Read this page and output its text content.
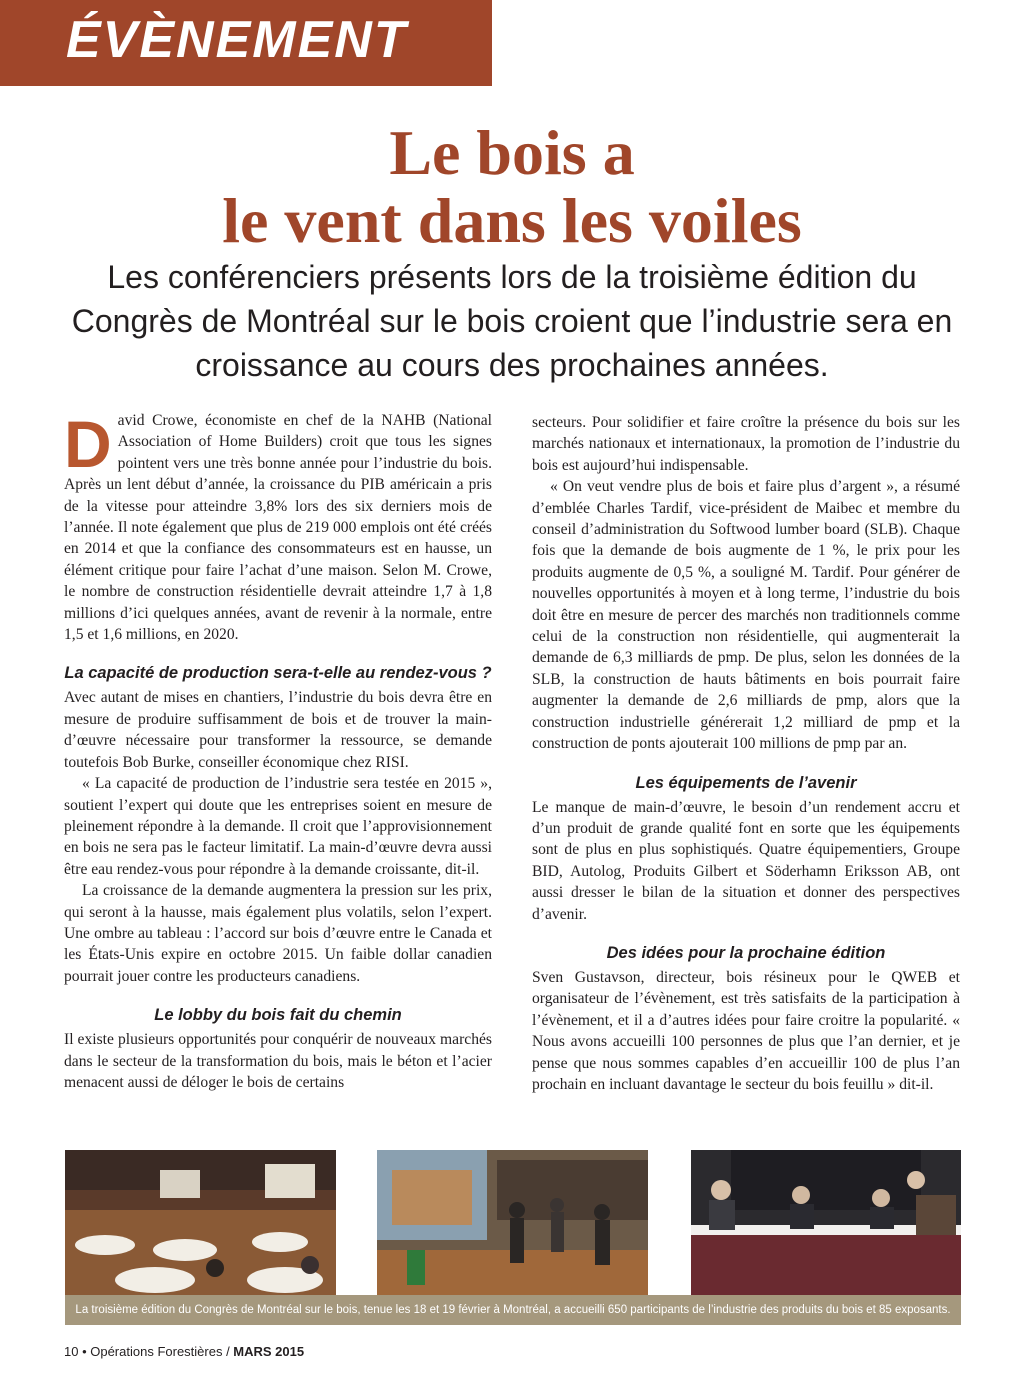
ÉVÈNEMENT
Le bois a
le vent dans les voiles
Les conférenciers présents lors de la troisième édition du Congrès de Montréal sur le bois croient que l’industrie sera en croissance au cours des prochaines années.

David Crowe, économiste en chef de la NAHB (National Association of Home Builders) croit que tous les signes pointent vers une très bonne année pour l’industrie du bois. Après un lent début d’année, la croissance du PIB américain a pris de la vitesse pour atteindre 3,8% lors des six derniers mois de l’année. Il note également que plus de 219 000 emplois ont été créés en 2014 et que la confiance des consommateurs est en hausse, un élément critique pour faire l’achat d’une maison. Selon M. Crowe, le nombre de construction résidentielle devrait atteindre 1,7 à 1,8 millions d’ici quelques années, avant de revenir à la normale, entre 1,5 et 1,6 millions, en 2020.

La capacité de production sera-t-elle au rendez-vous ?

Avec autant de mises en chantiers, l’industrie du bois devra être en mesure de produire suffisamment de bois et de trouver la main-d’œuvre nécessaire pour transformer la ressource, se demande toutefois Bob Burke, conseiller économique chez RISI.

« La capacité de production de l’industrie sera testée en 2015 », soutient l’expert qui doute que les entreprises soient en mesure de pleinement répondre à la demande. Il croit que l’approvisionnement en bois ne sera pas le facteur limitatif. La main-d’œuvre devra aussi être eau rendez-vous pour répondre à la demande croissante, dit-il.

La croissance de la demande augmentera la pression sur les prix, qui seront à la hausse, mais également plus volatils, selon l’expert. Une ombre au tableau : l’accord sur bois d’œuvre entre le Canada et les États-Unis expire en octobre 2015. Un faible dollar canadien pourrait jouer contre les producteurs canadiens.

Le lobby du bois fait du chemin

Il existe plusieurs opportunités pour conquérir de nouveaux marchés dans le secteur de la transformation du bois, mais le béton et l’acier menacent aussi de déloger le bois de certains

secteurs. Pour solidifier et faire croître la présence du bois sur les marchés nationaux et internationaux, la promotion de l’industrie du bois est aujourd’hui indispensable.

« On veut vendre plus de bois et faire plus d’argent », a résumé d’emblée Charles Tardif, vice-président de Maibec et membre du conseil d’administration du Softwood lumber board (SLB). Chaque fois que la demande de bois augmente de 1 %, le prix pour les produits augmente de 0,5 %, a souligné M. Tardif. Pour générer de nouvelles opportunités à moyen et à long terme, l’industrie du bois doit être en mesure de percer des marchés non traditionnels comme celui de la construction non résidentielle, qui augmenterait la demande de 6,3 milliards de pmp. De plus, selon les données de la SLB, la construction de hauts bâtiments en bois pourrait faire augmenter la demande de 2,6 milliards de pmp, alors que la construction industrielle générerait 1,2 milliard de pmp et la construction de ponts ajouterait 100 millions de pmp par an.

Les équipements de l’avenir

Le manque de main-d’œuvre, le besoin d’un rendement accru et d’un produit de grande qualité font en sorte que les équipements sont de plus en plus sophistiqués. Quatre équipementiers, Groupe BID, Autolog, Produits Gilbert et Söderhamn Eriksson AB, ont aussi dresser le bilan de la situation et donner des perspectives d’avenir.

Des idées pour la prochaine édition

Sven Gustavson, directeur, bois résineux pour le QWEB et organisateur de l’évènement, est très satisfaits de la participation à l’évènement, et il a d’autres idées pour faire croitre la popularité. « Nous avons accueilli 100 personnes de plus que l’an dernier, et je pense que nous sommes capables d’en accueillir 100 de plus l’an prochain en incluant davantage le secteur du bois feuillu » dit-il.

La troisième édition du Congrès de Montréal sur le bois, tenue les 18 et 19 février à Montréal, a accueilli 650 participants de l’industrie des produits du bois et 85 exposants.
10 • Opérations Forestières / MARS 2015
